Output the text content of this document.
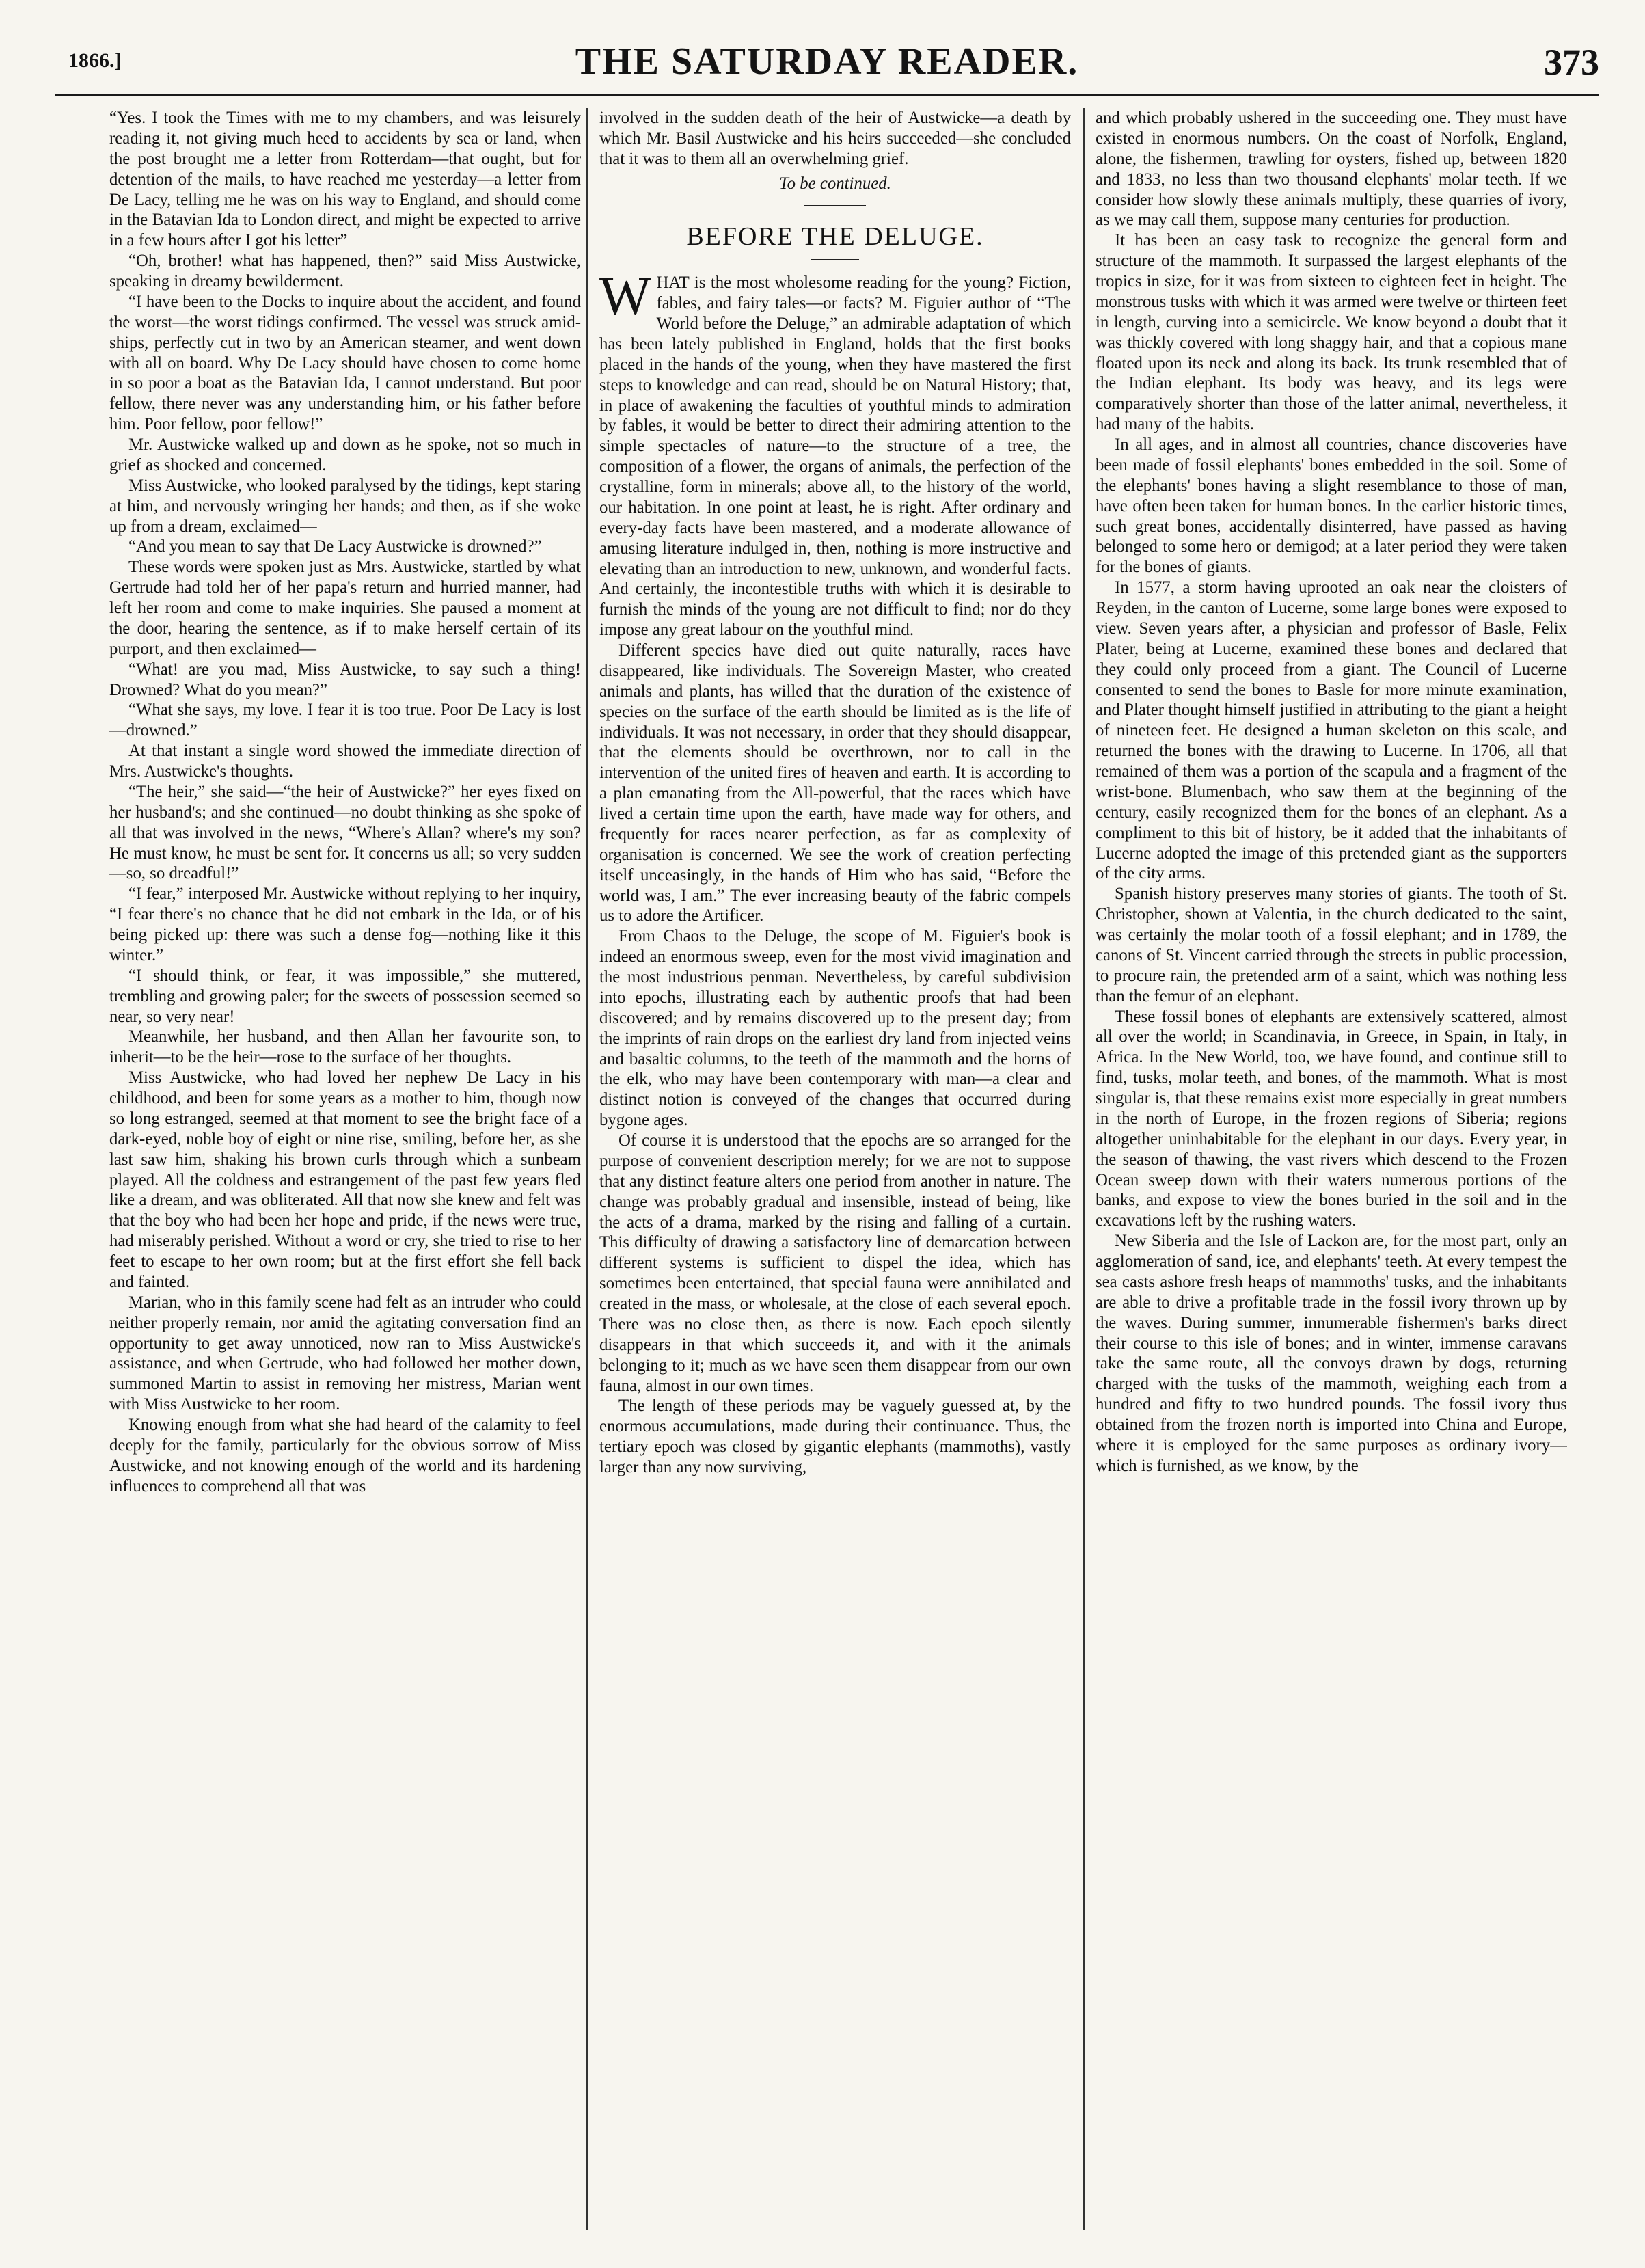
1866.]	THE SATURDAY READER.	373

“Yes. I took the Times with me to my chambers, and was leisurely reading it, not giving much heed to accidents by sea or land, when the post brought me a letter from Rotterdam—that ought, but for detention of the mails, to have reached me yesterday—a letter from De Lacy, telling me he was on his way to England, and should come in the Batavian Ida to London direct, and might be expected to arrive in a few hours after I got his letter”

“Oh, brother! what has happened, then?” said Miss Austwicke, speaking in dreamy bewilderment.

“I have been to the Docks to inquire about the accident, and found the worst—the worst tidings confirmed. The vessel was struck amid-ships, perfectly cut in two by an American steamer, and went down with all on board. Why De Lacy should have chosen to come home in so poor a boat as the Batavian Ida, I cannot understand. But poor fellow, there never was any understanding him, or his father before him. Poor fellow, poor fellow!”

Mr. Austwicke walked up and down as he spoke, not so much in grief as shocked and concerned.

Miss Austwicke, who looked paralysed by the tidings, kept staring at him, and nervously wringing her hands; and then, as if she woke up from a dream, exclaimed—

“And you mean to say that De Lacy Austwicke is drowned?”

These words were spoken just as Mrs. Austwicke, startled by what Gertrude had told her of her papa's return and hurried manner, had left her room and come to make inquiries. She paused a moment at the door, hearing the sentence, as if to make herself certain of its purport, and then exclaimed—

“What! are you mad, Miss Austwicke, to say such a thing! Drowned? What do you mean?”

“What she says, my love. I fear it is too true. Poor De Lacy is lost—drowned.”

At that instant a single word showed the immediate direction of Mrs. Austwicke's thoughts.

“The heir,” she said—“the heir of Austwicke?” her eyes fixed on her husband's; and she continued—no doubt thinking as she spoke of all that was involved in the news, “Where's Allan? where's my son? He must know, he must be sent for. It concerns us all; so very sudden—so, so dreadful!”

“I fear,” interposed Mr. Austwicke without replying to her inquiry, “I fear there's no chance that he did not embark in the Ida, or of his being picked up: there was such a dense fog—nothing like it this winter.”

“I should think, or fear, it was impossible,” she muttered, trembling and growing paler; for the sweets of possession seemed so near, so very near!

Meanwhile, her husband, and then Allan her favourite son, to inherit—to be the heir—rose to the surface of her thoughts.

Miss Austwicke, who had loved her nephew De Lacy in his childhood, and been for some years as a mother to him, though now so long estranged, seemed at that moment to see the bright face of a dark-eyed, noble boy of eight or nine rise, smiling, before her, as she last saw him, shaking his brown curls through which a sunbeam played. All the coldness and estrangement of the past few years fled like a dream, and was obliterated. All that now she knew and felt was that the boy who had been her hope and pride, if the news were true, had miserably perished. Without a word or cry, she tried to rise to her feet to escape to her own room; but at the first effort she fell back and fainted.

Marian, who in this family scene had felt as an intruder who could neither properly remain, nor amid the agitating conversation find an opportunity to get away unnoticed, now ran to Miss Austwicke's assistance, and when Gertrude, who had followed her mother down, summoned Martin to assist in removing her mistress, Marian went with Miss Austwicke to her room.

Knowing enough from what she had heard of the calamity to feel deeply for the family, particularly for the obvious sorrow of Miss Austwicke, and not knowing enough of the world and its hardening influences to comprehend all that was

involved in the sudden death of the heir of Austwicke—a death by which Mr. Basil Austwicke and his heirs succeeded—she concluded that it was to them all an overwhelming grief.

To be continued.

BEFORE THE DELUGE.

WHAT is the most wholesome reading for the young? Fiction, fables, and fairy tales—or facts? M. Figuier author of “The World before the Deluge,” an admirable adaptation of which has been lately published in England, holds that the first books placed in the hands of the young, when they have mastered the first steps to knowledge and can read, should be on Natural History; that, in place of awakening the faculties of youthful minds to admiration by fables, it would be better to direct their admiring attention to the simple spectacles of nature—to the structure of a tree, the composition of a flower, the organs of animals, the perfection of the crystalline, form in minerals; above all, to the history of the world, our habitation. In one point at least, he is right. After ordinary and every-day facts have been mastered, and a moderate allowance of amusing literature indulged in, then, nothing is more instructive and elevating than an introduction to new, unknown, and wonderful facts. And certainly, the incontestible truths with which it is desirable to furnish the minds of the young are not difficult to find; nor do they impose any great labour on the youthful mind.

Different species have died out quite naturally, races have disappeared, like individuals. The Sovereign Master, who created animals and plants, has willed that the duration of the existence of species on the surface of the earth should be limited as is the life of individuals. It was not necessary, in order that they should disappear, that the elements should be overthrown, nor to call in the intervention of the united fires of heaven and earth. It is according to a plan emanating from the All-powerful, that the races which have lived a certain time upon the earth, have made way for others, and frequently for races nearer perfection, as far as complexity of organisation is concerned. We see the work of creation perfecting itself unceasingly, in the hands of Him who has said, “Before the world was, I am.” The ever increasing beauty of the fabric compels us to adore the Artificer.

From Chaos to the Deluge, the scope of M. Figuier's book is indeed an enormous sweep, even for the most vivid imagination and the most industrious penman. Nevertheless, by careful subdivision into epochs, illustrating each by authentic proofs that had been discovered; and by remains discovered up to the present day; from the imprints of rain drops on the earliest dry land from injected veins and basaltic columns, to the teeth of the mammoth and the horns of the elk, who may have been contemporary with man—a clear and distinct notion is conveyed of the changes that occurred during bygone ages.

Of course it is understood that the epochs are so arranged for the purpose of convenient description merely; for we are not to suppose that any distinct feature alters one period from another in nature. The change was probably gradual and insensible, instead of being, like the acts of a drama, marked by the rising and falling of a curtain. This difficulty of drawing a satisfactory line of demarcation between different systems is sufficient to dispel the idea, which has sometimes been entertained, that special fauna were annihilated and created in the mass, or wholesale, at the close of each several epoch. There was no close then, as there is now. Each epoch silently disappears in that which succeeds it, and with it the animals belonging to it; much as we have seen them disappear from our own fauna, almost in our own times.

The length of these periods may be vaguely guessed at, by the enormous accumulations, made during their continuance. Thus, the tertiary epoch was closed by gigantic elephants (mammoths), vastly larger than any now surviving,

and which probably ushered in the succeeding one. They must have existed in enormous numbers. On the coast of Norfolk, England, alone, the fishermen, trawling for oysters, fished up, between 1820 and 1833, no less than two thousand elephants' molar teeth. If we consider how slowly these animals multiply, these quarries of ivory, as we may call them, suppose many centuries for production.

It has been an easy task to recognize the general form and structure of the mammoth. It surpassed the largest elephants of the tropics in size, for it was from sixteen to eighteen feet in height. The monstrous tusks with which it was armed were twelve or thirteen feet in length, curving into a semicircle. We know beyond a doubt that it was thickly covered with long shaggy hair, and that a copious mane floated upon its neck and along its back. Its trunk resembled that of the Indian elephant. Its body was heavy, and its legs were comparatively shorter than those of the latter animal, nevertheless, it had many of the habits.

In all ages, and in almost all countries, chance discoveries have been made of fossil elephants' bones embedded in the soil. Some of the elephants' bones having a slight resemblance to those of man, have often been taken for human bones. In the earlier historic times, such great bones, accidentally disinterred, have passed as having belonged to some hero or demigod; at a later period they were taken for the bones of giants.

In 1577, a storm having uprooted an oak near the cloisters of Reyden, in the canton of Lucerne, some large bones were exposed to view. Seven years after, a physician and professor of Basle, Felix Plater, being at Lucerne, examined these bones and declared that they could only proceed from a giant. The Council of Lucerne consented to send the bones to Basle for more minute examination, and Plater thought himself justified in attributing to the giant a height of nineteen feet. He designed a human skeleton on this scale, and returned the bones with the drawing to Lucerne. In 1706, all that remained of them was a portion of the scapula and a fragment of the wrist-bone. Blumenbach, who saw them at the beginning of the century, easily recognized them for the bones of an elephant. As a compliment to this bit of history, be it added that the inhabitants of Lucerne adopted the image of this pretended giant as the supporters of the city arms.

Spanish history preserves many stories of giants. The tooth of St. Christopher, shown at Valentia, in the church dedicated to the saint, was certainly the molar tooth of a fossil elephant; and in 1789, the canons of St. Vincent carried through the streets in public procession, to procure rain, the pretended arm of a saint, which was nothing less than the femur of an elephant.

These fossil bones of elephants are extensively scattered, almost all over the world; in Scandinavia, in Greece, in Spain, in Italy, in Africa. In the New World, too, we have found, and continue still to find, tusks, molar teeth, and bones, of the mammoth. What is most singular is, that these remains exist more especially in great numbers in the north of Europe, in the frozen regions of Siberia; regions altogether uninhabitable for the elephant in our days. Every year, in the season of thawing, the vast rivers which descend to the Frozen Ocean sweep down with their waters numerous portions of the banks, and expose to view the bones buried in the soil and in the excavations left by the rushing waters.

New Siberia and the Isle of Lackon are, for the most part, only an agglomeration of sand, ice, and elephants' teeth. At every tempest the sea casts ashore fresh heaps of mammoths' tusks, and the inhabitants are able to drive a profitable trade in the fossil ivory thrown up by the waves. During summer, innumerable fishermen's barks direct their course to this isle of bones; and in winter, immense caravans take the same route, all the convoys drawn by dogs, returning charged with the tusks of the mammoth, weighing each from a hundred and fifty to two hundred pounds. The fossil ivory thus obtained from the frozen north is imported into China and Europe, where it is employed for the same purposes as ordinary ivory—which is furnished, as we know, by the
